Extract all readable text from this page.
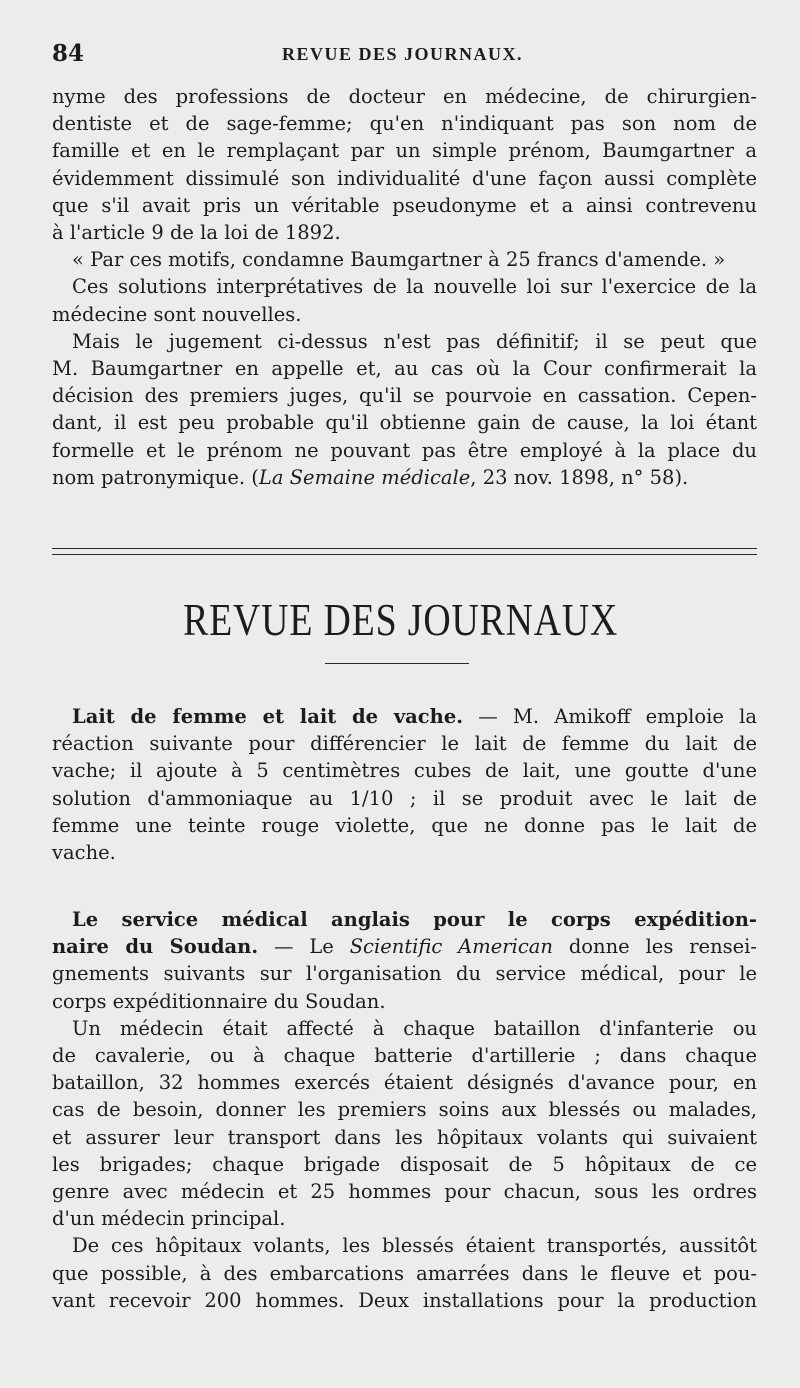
84	REVUE DES JOURNAUX.
nyme des professions de docteur en médecine, de chirurgien-
dentiste et de sage-femme; qu'en n'indiquant pas son nom de
famille et en le remplaçant par un simple prénom, Baumgartner a
évidemment dissimulé son individualité d'une façon aussi complète
que s'il avait pris un véritable pseudonyme et a ainsi contrevenu
à l'article 9 de la loi de 1892.
« Par ces motifs, condamne Baumgartner à 25 francs d'amende. »
Ces solutions interprétatives de la nouvelle loi sur l'exercice de la
médecine sont nouvelles.
Mais le jugement ci-dessus n'est pas définitif; il se peut que
M. Baumgartner en appelle et, au cas où la Cour confirmerait la
décision des premiers juges, qu'il se pourvoie en cassation. Cepen-
dant, il est peu probable qu'il obtienne gain de cause, la loi étant
formelle et le prénom ne pouvant pas être employé à la place du
nom patronymique. (La Semaine médicale, 23 nov. 1898, n° 58).
REVUE DES JOURNAUX
Lait de femme et lait de vache. — M. Amikoff emploie la
réaction suivante pour différencier le lait de femme du lait de
vache; il ajoute à 5 centimètres cubes de lait, une goutte d'une
solution d'ammoniaque au 1/10 ; il se produit avec le lait de
femme une teinte rouge violette, que ne donne pas le lait de
vache.
Le service médical anglais pour le corps expédition-
naire du Soudan. — Le Scientific American donne les rensei-
gnements suivants sur l'organisation du service médical, pour le
corps expéditionnaire du Soudan.
Un médecin était affecté à chaque bataillon d'infanterie ou
de cavalerie, ou à chaque batterie d'artillerie ; dans chaque
bataillon, 32 hommes exercés étaient désignés d'avance pour, en
cas de besoin, donner les premiers soins aux blessés ou malades,
et assurer leur transport dans les hôpitaux volants qui suivaient
les brigades; chaque brigade disposait de 5 hôpitaux de ce
genre avec médecin et 25 hommes pour chacun, sous les ordres
d'un médecin principal.
De ces hôpitaux volants, les blessés étaient transportés, aussitôt
que possible, à des embarcations amarrées dans le fleuve et pou-
vant recevoir 200 hommes. Deux installations pour la production
